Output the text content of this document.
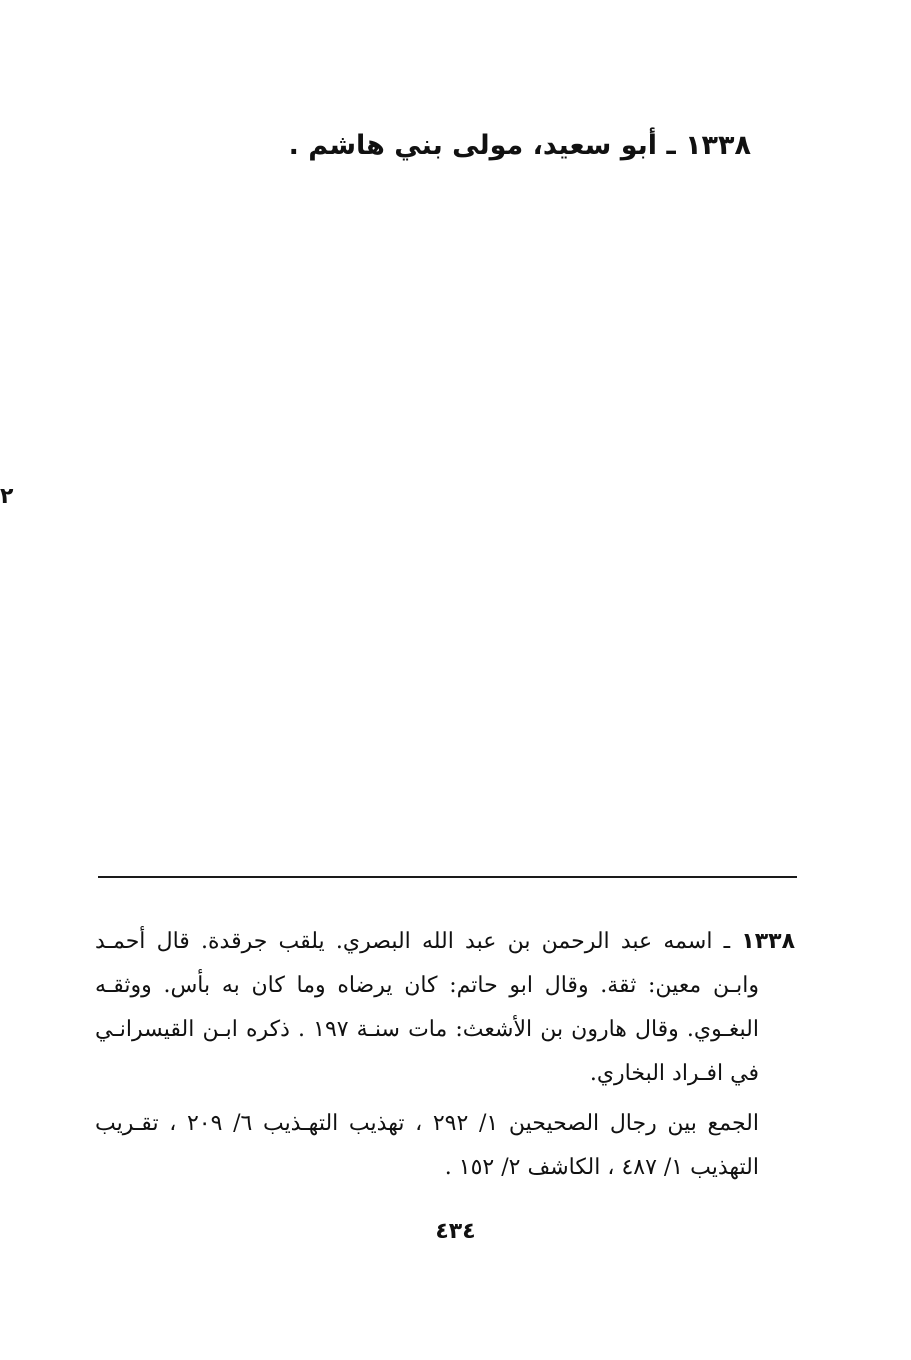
١٣٣٨ ـ أبو سعيد، مولى بني هاشم .
٢

١٣٣٨ ـ اسمه عبد الرحمن بن عبد الله البصري. يلقب جرقدة. قال أحمـد وابـن معين: ثقة. وقال ابو حاتم: كان يرضاه وما كان به بأس. ووثقـه البغـوي. وقال هارون بن الأشعث: مات سنـة ١٩٧ . ذكره ابـن القيسرانـي في افـراد البخاري.

الجمع بين رجال الصحيحين ١/ ٢٩٢ ، تهذيب التهـذيب ٦/ ٢٠٩ ، تقـريب التهذيب ١/ ٤٨٧ ، الكاشف ٢/ ١٥٢ .

٤٣٤
